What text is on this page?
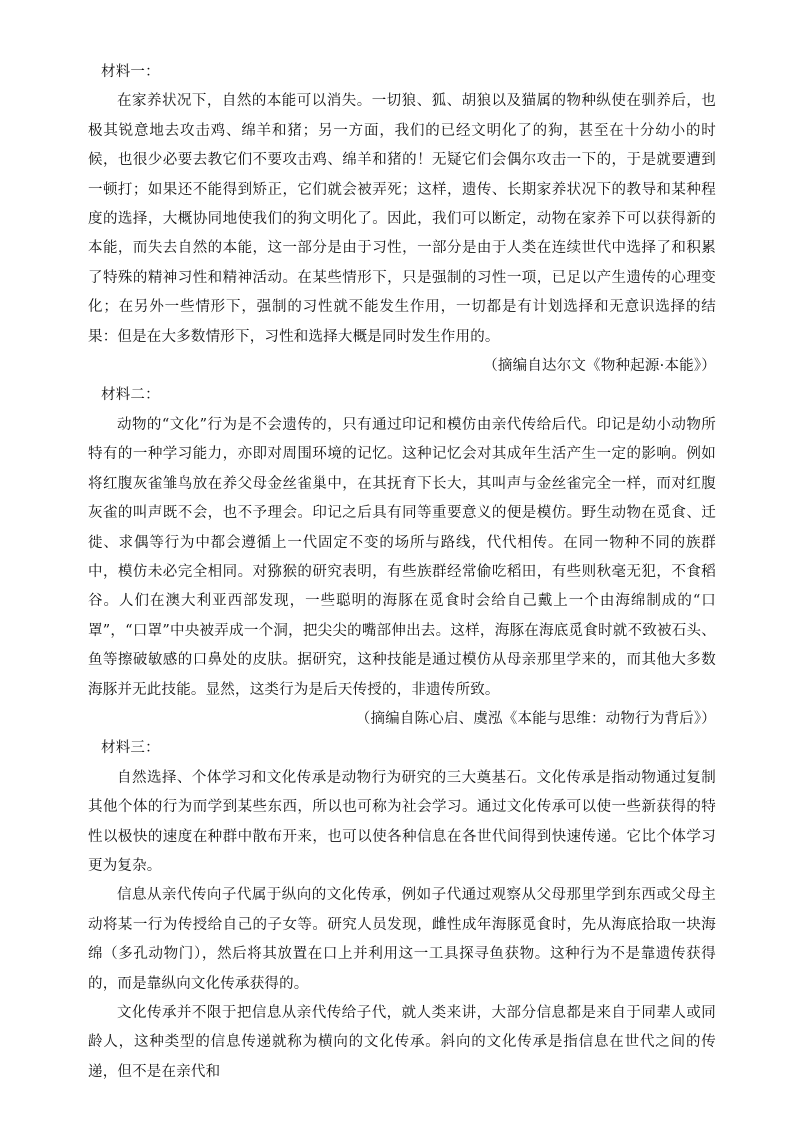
材料一：

在家养状况下，自然的本能可以消失。一切狼、狐、胡狼以及猫属的物种纵使在驯养后，也极其锐意地去攻击鸡、绵羊和猪；另一方面，我们的已经文明化了的狗，甚至在十分幼小的时候，也很少必要去教它们不要攻击鸡、绵羊和猪的！无疑它们会偶尔攻击一下的，于是就要遭到一顿打；如果还不能得到矫正，它们就会被弄死；这样，遗传、长期家养状况下的教导和某种程度的选择，大概协同地使我们的狗文明化了。因此，我们可以断定，动物在家养下可以获得新的本能，而失去自然的本能，这一部分是由于习性，一部分是由于人类在连续世代中选择了和积累了特殊的精神习性和精神活动。在某些情形下，只是强制的习性一项，已足以产生遗传的心理变化；在另外一些情形下，强制的习性就不能发生作用，一切都是有计划选择和无意识选择的结果：但是在大多数情形下，习性和选择大概是同时发生作用的。

（摘编自达尔文《物种起源·本能》）

材料二：

动物的“文化”行为是不会遗传的，只有通过印记和模仿由亲代传给后代。印记是幼小动物所特有的一种学习能力，亦即对周围环境的记忆。这种记忆会对其成年生活产生一定的影响。例如将红腹灰雀雏鸟放在养父母金丝雀巢中，在其抚育下长大，其叫声与金丝雀完全一样，而对红腹灰雀的叫声既不会，也不予理会。印记之后具有同等重要意义的便是模仿。野生动物在觅食、迁徙、求偶等行为中都会遵循上一代固定不变的场所与路线，代代相传。在同一物种不同的族群中，模仿未必完全相同。对猕猴的研究表明，有些族群经常偷吃稻田，有些则秋毫无犯，不食稻谷。人们在澳大利亚西部发现，一些聪明的海豚在觅食时会给自己戴上一个由海绵制成的“口罩”，“口罩”中央被弄成一个洞，把尖尖的嘴部伸出去。这样，海豚在海底觅食时就不致被石头、鱼等擦破敏感的口鼻处的皮肤。据研究，这种技能是通过模仿从母亲那里学来的，而其他大多数海豚并无此技能。显然，这类行为是后天传授的，非遗传所致。

（摘编自陈心启、虞泓《本能与思维：动物行为背后》）

材料三：

自然选择、个体学习和文化传承是动物行为研究的三大奠基石。文化传承是指动物通过复制其他个体的行为而学到某些东西，所以也可称为社会学习。通过文化传承可以使一些新获得的特性以极快的速度在种群中散布开来，也可以使各种信息在各世代间得到快速传递。它比个体学习更为复杂。

信息从亲代传向子代属于纵向的文化传承，例如子代通过观察从父母那里学到东西或父母主动将某一行为传授给自己的子女等。研究人员发现，雌性成年海豚觅食时，先从海底拾取一块海绵（多孔动物门），然后将其放置在口上并利用这一工具探寻鱼获物。这种行为不是靠遗传获得的，而是靠纵向文化传承获得的。

文化传承并不限于把信息从亲代传给子代，就人类来讲，大部分信息都是来自于同辈人或同龄人，这种类型的信息传递就称为横向的文化传承。斜向的文化传承是指信息在世代之间的传递，但不是在亲代和
